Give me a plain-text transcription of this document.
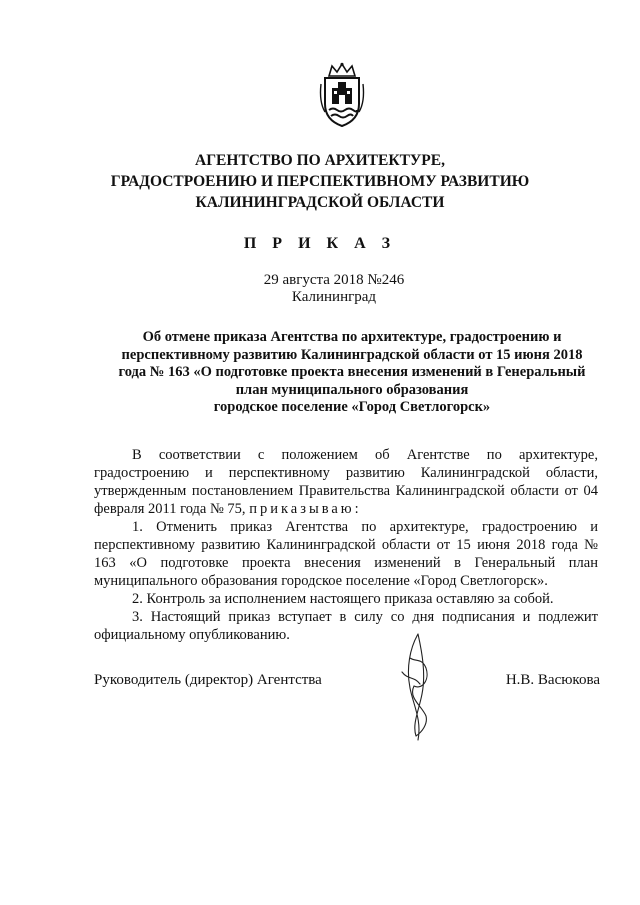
АГЕНТСТВО ПО АРХИТЕКТУРЕ,
ГРАДОСТРОЕНИЮ И ПЕРСПЕКТИВНОМУ РАЗВИТИЮ
КАЛИНИНГРАДСКОЙ ОБЛАСТИ
П Р И К А З
29 августа 2018 №246
Калининград
Об отмене приказа Агентства по архитектуре, градостроению и
перспективному развитию Калининградской области от 15 июня 2018
года № 163 «О подготовке проекта внесения изменений в Генеральный
план муниципального образования
городское поселение «Город Светлогорск»

В соответствии с положением об Агентстве по архитектуре, градостроению и перспективному развитию Калининградской области, утвержденным постановлением Правительства Калининградской области от 04 февраля 2011 года № 75, приказываю:

1. Отменить приказ Агентства по архитектуре, градостроению и перспективному развитию Калининградской области от 15 июня 2018 года № 163 «О подготовке проекта внесения изменений в Генеральный план муниципального образования городское поселение «Город Светлогорск».

2. Контроль за исполнением настоящего приказа оставляю за собой.

3. Настоящий приказ вступает в силу со дня подписания и подлежит официальному опубликованию.

Руководитель (директор) Агентства	Н.В. Васюкова
